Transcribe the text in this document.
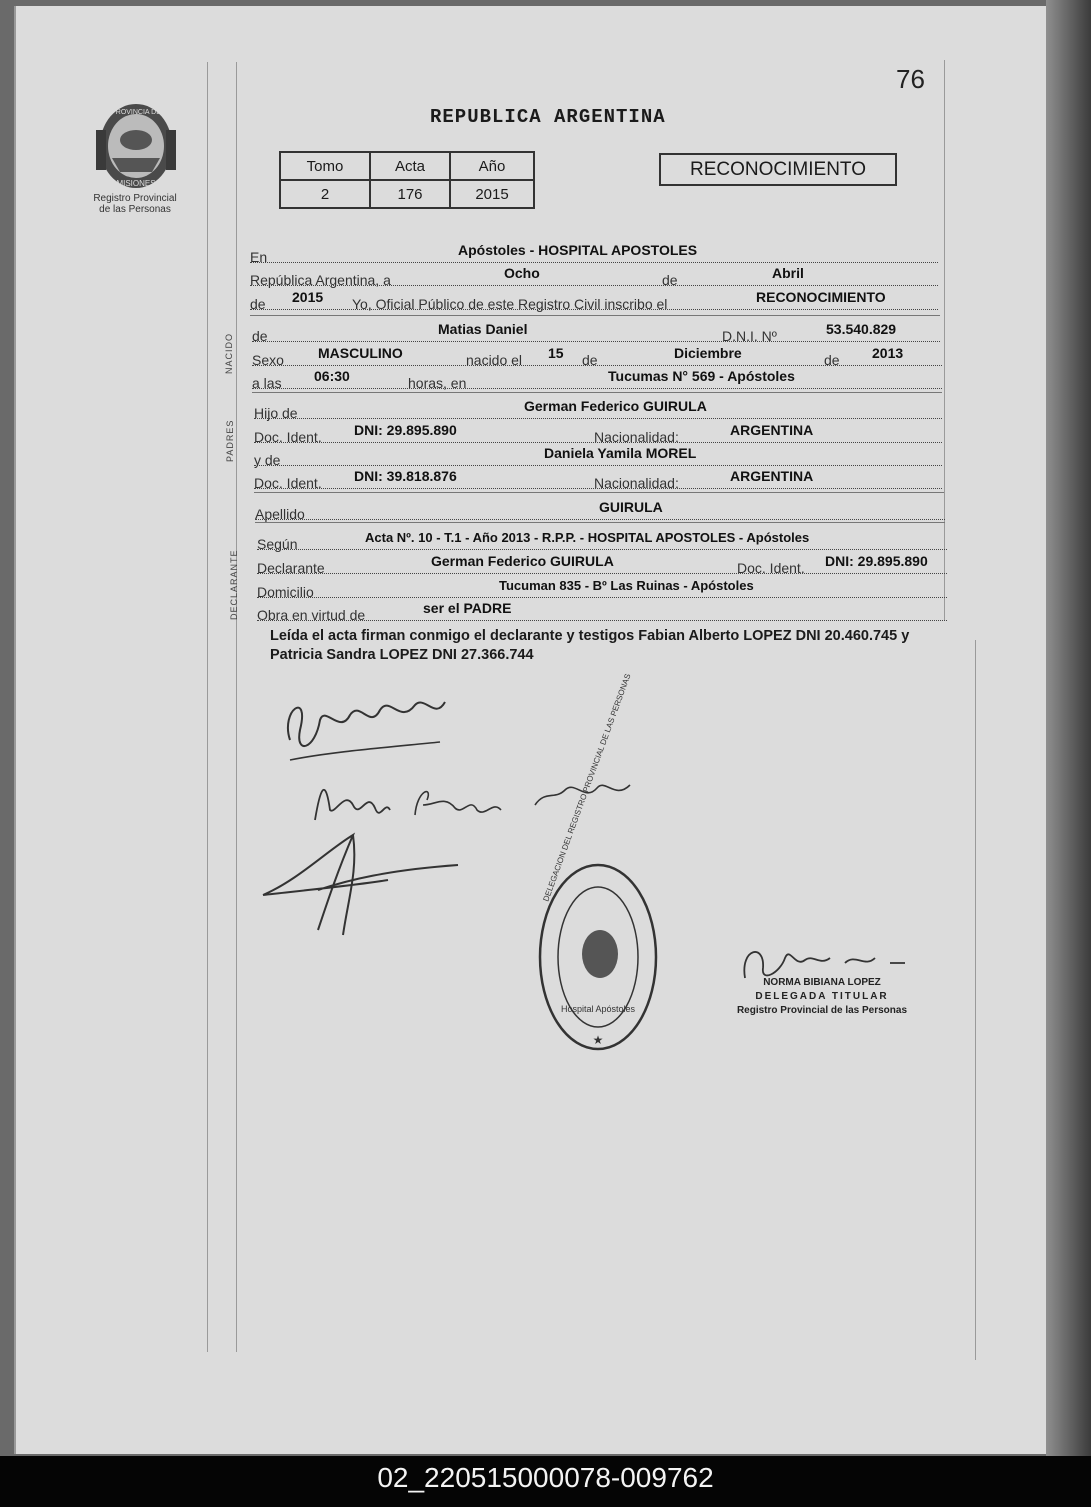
PROVINCIA DE
MISIONES
Registro Provincial
de las Personas
76
REPUBLICA ARGENTINA
Tomo	Acta	Año
2	176	2015
RECONOCIMIENTO
En	Apóstoles - HOSPITAL APOSTOLES
República Argentina, a	Ocho	de	Abril
de 2015 Yo, Oficial Público de este Registro Civil inscribo el	RECONOCIMIENTO
NACIDO de	Matias Daniel	D.N.I. Nº	53.540.829
Sexo MASCULINO	nacido el 15 de	Diciembre	de 2013
a las 06:30	horas, en	Tucumas N° 569 - Apóstoles
PADRES
Hijo de	German Federico GUIRULA
Doc. Ident. DNI: 29.895.890	Nacionalidad:	ARGENTINA
y de	Daniela Yamila MOREL
Doc. Ident. DNI: 39.818.876	Nacionalidad:	ARGENTINA
Apellido	GUIRULA
DECLARANTE
Según	Acta Nº. 10 - T.1 - Año 2013 - R.P.P. - HOSPITAL APOSTOLES - Apóstoles
Declarante	German Federico GUIRULA	Doc. Ident. DNI: 29.895.890
Domicilio	Tucuman 835 - Bº Las Ruinas - Apóstoles
Obra en virtud de	ser el PADRE
Leída el acta firman conmigo el declarante y testigos Fabian Alberto LOPEZ DNI 20.460.745 y Patricia Sandra LOPEZ DNI 27.366.744
DELEGACION DEL REGISTRO PROVINCIAL DE LAS PERSONAS
Hospital Apóstoles
★
NORMA BIBIANA LOPEZ
DELEGADA TITULAR
Registro Provincial de las Personas
02_220515000078-009762
